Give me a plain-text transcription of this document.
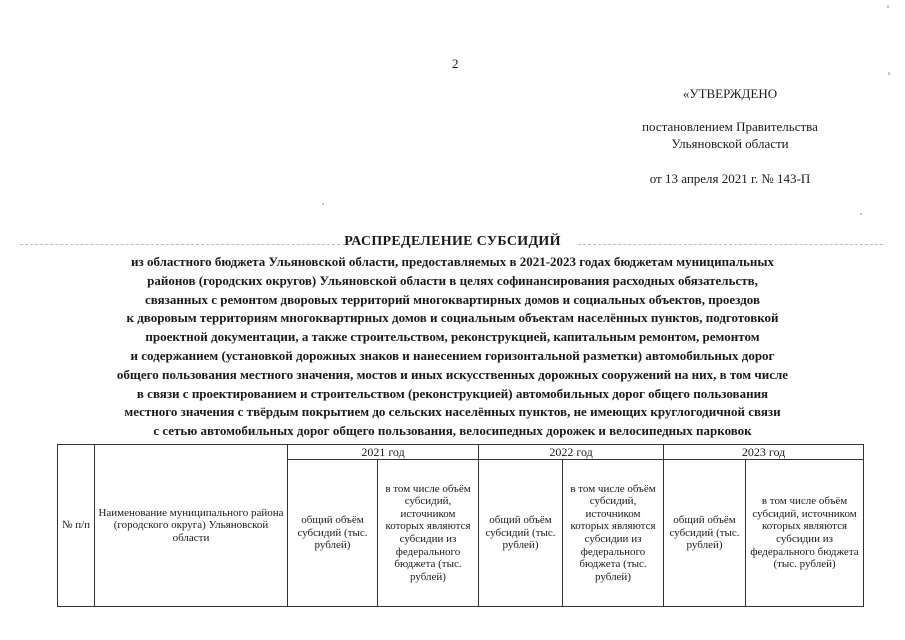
2
«УТВЕРЖДЕНО
постановлением Правительства
Ульяновской области
от 13 апреля 2021 г. № 143-П
РАСПРЕДЕЛЕНИЕ СУБСИДИЙ
из областного бюджета Ульяновской области, предоставляемых в 2021-2023 годах бюджетам муниципальных
районов (городских округов) Ульяновской области в целях софинансирования расходных обязательств,
связанных с ремонтом дворовых территорий многоквартирных домов и социальных объектов, проездов
к дворовым территориям многоквартирных домов и социальным объектам населённых пунктов, подготовкой
проектной документации, а также строительством, реконструкцией, капитальным ремонтом, ремонтом
и содержанием (установкой дорожных знаков и нанесением горизонтальной разметки) автомобильных дорог
общего пользования местного значения, мостов и иных искусственных дорожных сооружений на них, в том числе
в связи с проектированием и строительством (реконструкцией) автомобильных дорог общего пользования
местного значения с твёрдым покрытием до сельских населённых пунктов, не имеющих круглогодичной связи
с сетью автомобильных дорог общего пользования, велосипедных дорожек и велосипедных парковок
№ п/п	Наименование муниципального района (городского округа) Ульяновской области	2021 год		2022 год		2023 год	
		общий объём субсидий (тыс. рублей)	в том числе объём субсидий, источником которых являются субсидии из федерального бюджета (тыс. рублей)	общий объём субсидий (тыс. рублей)	в том числе объём субсидий, источником которых являются субсидии из федерального бюджета (тыс. рублей)	общий объём субсидий (тыс. рублей)	в том числе объём субсидий, источником которых являются субсидии из федерального бюджета (тыс. рублей)
